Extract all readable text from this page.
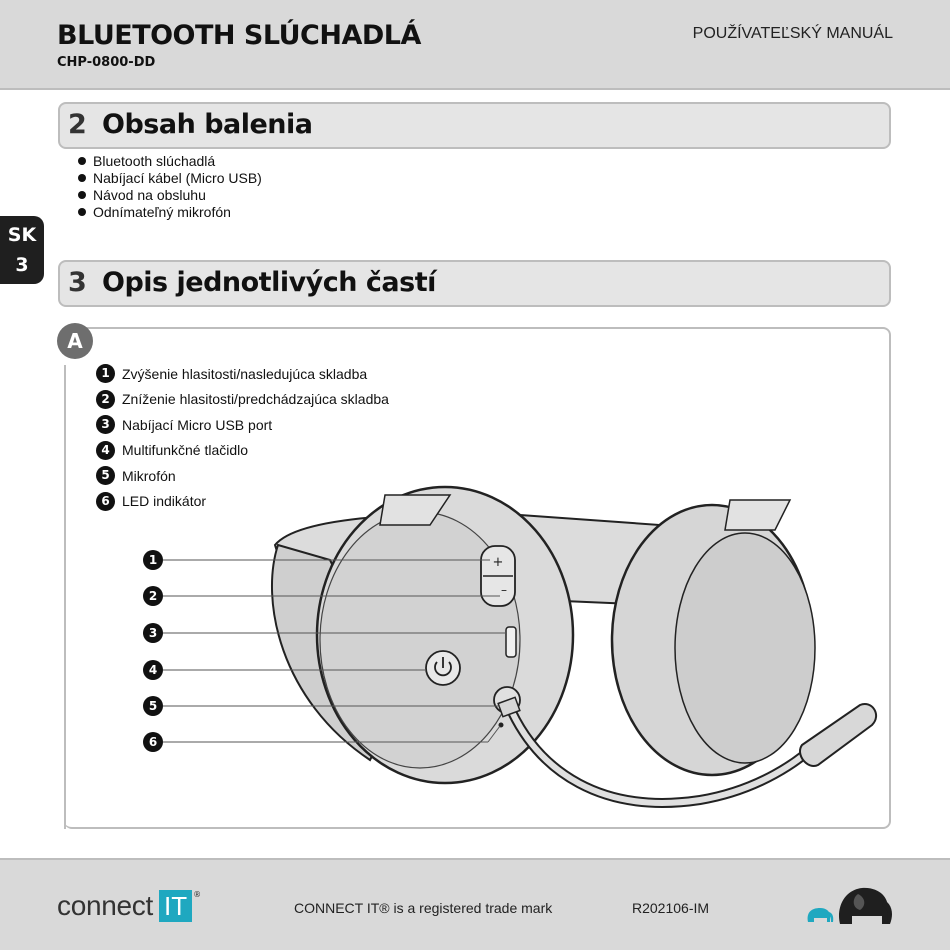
BLUETOOTH SLÚCHADLÁ
CHP-0800-DD
POUŽÍVATEĽSKÝ MANUÁL
SK
3
2 Obsah balenia
Bluetooth slúchadlá
Nabíjací kábel (Micro USB)
Návod na obsluhu
Odnímateľný mikrofón
3 Opis jednotlivých častí
A
1 Zvýšenie hlasitosti/nasledujúca skladba
2 Zníženie hlasitosti/predchádzajúca skladba
3 Nabíjací Micro USB port
4 Multifunkčné tlačidlo
5 Mikrofón
6 LED indikátor
+
–
1
2
3
4
5
6
connect IT ®
CONNECT IT® is a registered trade mark	R202106-IM
